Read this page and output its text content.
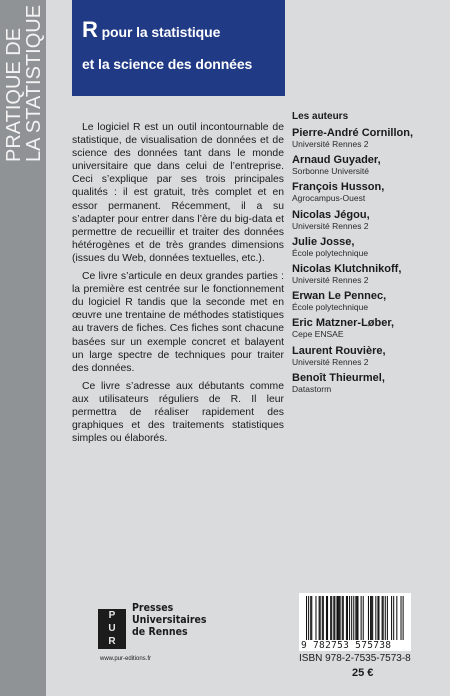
PRATIQUE DE
LA STATISTIQUE R pour la statistique
et la science des données

Le logiciel R est un outil incontournable de statistique, de visualisation de données et de science des données tant dans le monde universitaire que dans celui de l’entreprise. Ceci s’explique par ses trois principales qualités : il est gratuit, très complet et en essor permanent. Récemment, il a su s’adapter pour entrer dans l’ère du big-data et permettre de recueillir et traiter des données hétérogènes et de très grandes dimensions (issues du Web, données textuelles, etc.).

Ce livre s’articule en deux grandes parties : la première est centrée sur le fonctionnement du logiciel R tandis que la seconde met en œuvre une trentaine de méthodes statistiques au travers de fiches. Ces fiches sont chacune basées sur un exemple concret et balayent un large spectre de techniques pour traiter des données.

Ce livre s’adresse aux débutants comme aux utilisateurs réguliers de R. Il leur permettra de réaliser rapidement des graphiques et des traitements statistiques simples ou élaborés.

Les auteurs
Pierre-André Cornillon,
Université Rennes 2
Arnaud Guyader,
Sorbonne Université
François Husson,
Agrocampus-Ouest
Nicolas Jégou,
Université Rennes 2
Julie Josse,
École polytechnique
Nicolas Klutchnikoff,
Université Rennes 2
Erwan Le Pennec,
École polytechnique
Eric Matzner-Løber,
Cepe ENSAE
Laurent Rouvière,
Université Rennes 2
Benoît Thieurmel,
Datastorm
P
U
R
Presses
Universitaires
de Rennes
www.pur-editions.fr
9 782753 575738
ISBN 978-2-7535-7573-8
25 €
